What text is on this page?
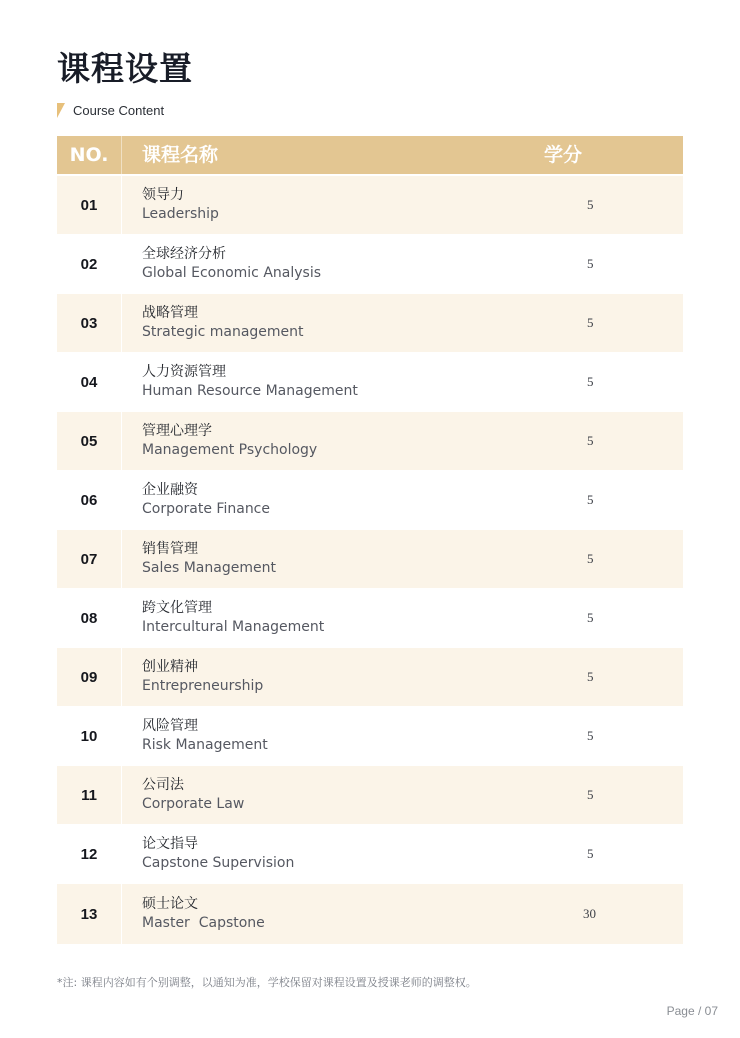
课程设置
Course Content
NO.	课程名称	学分
01
领导力
Leadership
5
02
全球经济分析
Global Economic Analysis
5
03
战略管理
Strategic management
5
04
人力资源管理
Human Resource Management
5
05
管理心理学
Management Psychology
5
06
企业融资
Corporate Finance
5
07
销售管理
Sales Management
5
08
跨文化管理
Intercultural Management
5
09
创业精神
Entrepreneurship
5
10
风险管理
Risk Management
5
11
公司法
Corporate Law
5
12
论文指导
Capstone Supervision
5
13
硕士论文
Master  Capstone
30
*注: 课程内容如有个别调整，以通知为准，学校保留对课程设置及授课老师的调整权。
Page / 07
